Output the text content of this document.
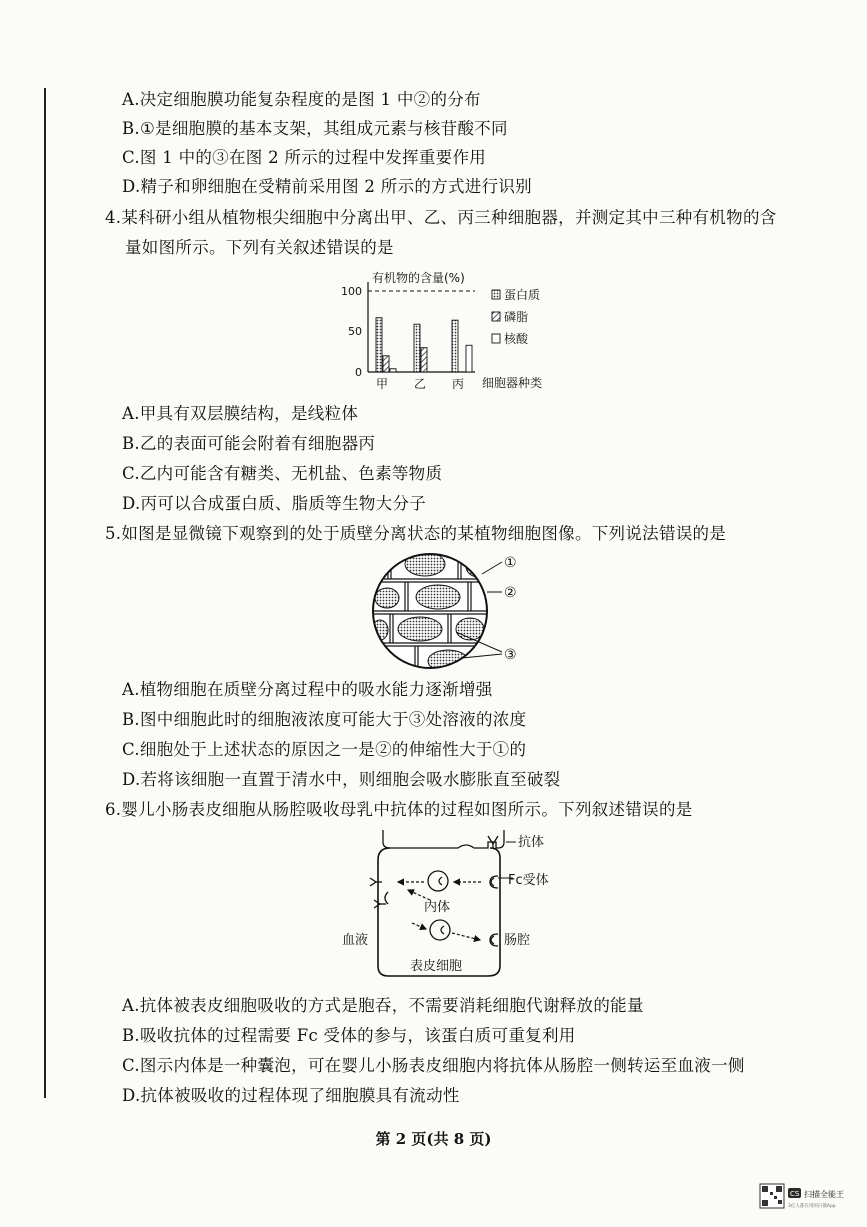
A.决定细胞膜功能复杂程度的是图 1 中②的分布
B.①是细胞膜的基本支架，其组成元素与核苷酸不同
C.图 1 中的③在图 2 所示的过程中发挥重要作用
D.精子和卵细胞在受精前采用图 2 所示的方式进行识别
4.某科研小组从植物根尖细胞中分离出甲、乙、丙三种细胞器，并测定其中三种有机物的含
量如图所示。下列有关叙述错误的是
有机物的含量(%)
细胞器种类
0
50
100
甲 乙 丙
蛋白质
磷脂
核酸
A.甲具有双层膜结构，是线粒体
B.乙的表面可能会附着有细胞器丙
C.乙内可能含有糖类、无机盐、色素等物质
D.丙可以合成蛋白质、脂质等生物大分子
5.如图是显微镜下观察到的处于质壁分离状态的某植物细胞图像。下列说法错误的是
①
②
③
A.植物细胞在质壁分离过程中的吸水能力逐渐增强
B.图中细胞此时的细胞液浓度可能大于③处溶液的浓度
C.细胞处于上述状态的原因之一是②的伸缩性大于①的
D.若将该细胞一直置于清水中，则细胞会吸水膨胀直至破裂
6.婴儿小肠表皮细胞从肠腔吸收母乳中抗体的过程如图所示。下列叙述错误的是
抗体
Fc受体
内体
血液	肠腔
表皮细胞
A.抗体被表皮细胞吸收的方式是胞吞，不需要消耗细胞代谢释放的能量
B.吸收抗体的过程需要 Fc 受体的参与，该蛋白质可重复利用
C.图示内体是一种囊泡，可在婴儿小肠表皮细胞内将抗体从肠腔一侧转运至血液一侧
D.抗体被吸收的过程体现了细胞膜具有流动性
第 2 页(共 8 页)
CS 扫描全能王
3亿人都在用的扫描App
